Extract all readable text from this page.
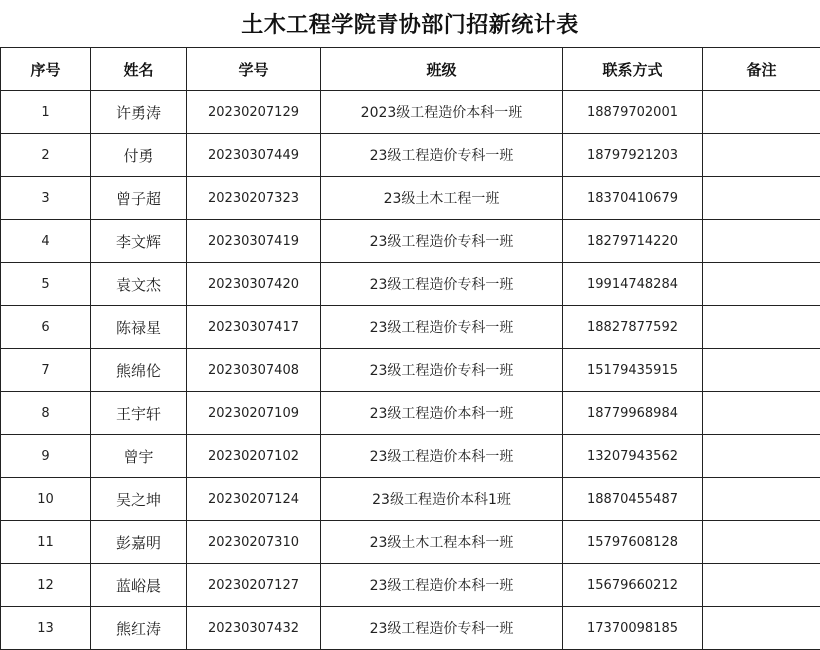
土木工程学院青协部门招新统计表
序号	姓名	学号	班级	联系方式	备注
1	许勇涛	20230207129	2023级工程造价本科一班	18879702001	
2	付勇	20230307449	23级工程造价专科一班	18797921203	
3	曾子超	20230207323	23级土木工程一班	18370410679	
4	李文辉	20230307419	23级工程造价专科一班	18279714220	
5	袁文杰	20230307420	23级工程造价专科一班	19914748284	
6	陈禄星	20230307417	23级工程造价专科一班	18827877592	
7	熊绵伦	20230307408	23级工程造价专科一班	15179435915	
8	王宇轩	20230207109	23级工程造价本科一班	18779968984	
9	曾宇	20230207102	23级工程造价本科一班	13207943562	
10	吴之坤	20230207124	23级工程造价本科1班	18870455487	
11	彭嘉明	20230207310	23级土木工程本科一班	15797608128	
12	蓝峪晨	20230207127	23级工程造价本科一班	15679660212	
13	熊红涛	20230307432	23级工程造价专科一班	17370098185	
